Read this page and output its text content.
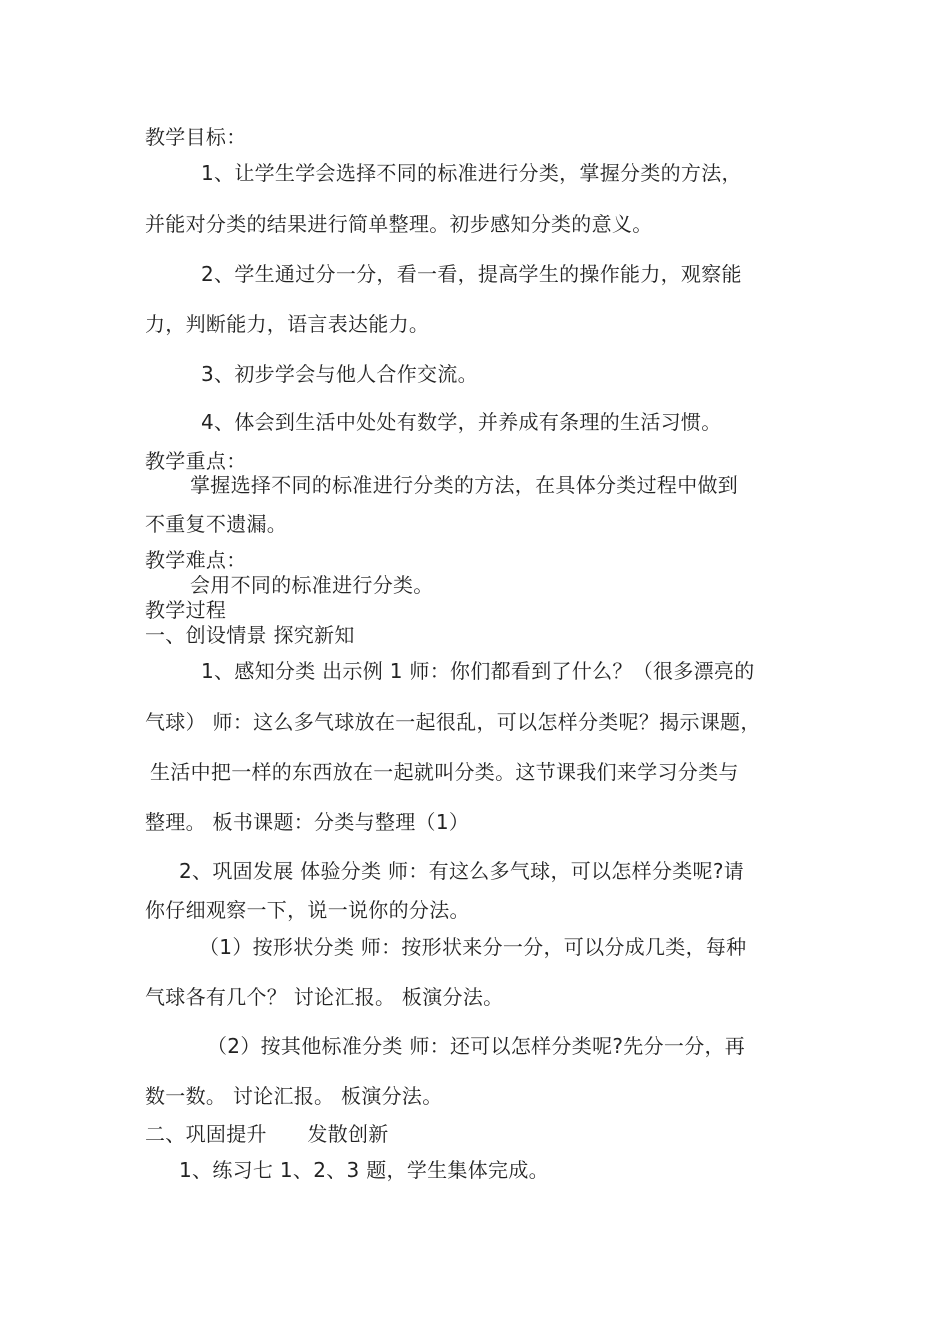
教学目标：
1、让学生学会选择不同的标准进行分类，掌握分类的方法，
并能对分类的结果进行简单整理。初步感知分类的意义。
2、学生通过分一分，看一看，提高学生的操作能力，观察能
力，判断能力，语言表达能力。
3、初步学会与他人合作交流。
4、体会到生活中处处有数学，并养成有条理的生活习惯。
教学重点：
掌握选择不同的标准进行分类的方法，在具体分类过程中做到
不重复不遗漏。
教学难点：
会用不同的标准进行分类。
教学过程
一、创设情景 探究新知
1、感知分类 出示例 1 师：你们都看到了什么？（很多漂亮的
气球） 师：这么多气球放在一起很乱，可以怎样分类呢？揭示课题，
生活中把一样的东西放在一起就叫分类。这节课我们来学习分类与
整理。 板书课题：分类与整理（1）
2、巩固发展 体验分类 师：有这么多气球，可以怎样分类呢?请
你仔细观察一下，说一说你的分法。
（1）按形状分类 师：按形状来分一分，可以分成几类，每种
气球各有几个？ 讨论汇报。 板演分法。
（2）按其他标准分类 师：还可以怎样分类呢?先分一分，再
数一数。 讨论汇报。 板演分法。
二、巩固提升　　发散创新
1、练习七 1、2、3 题，学生集体完成。
